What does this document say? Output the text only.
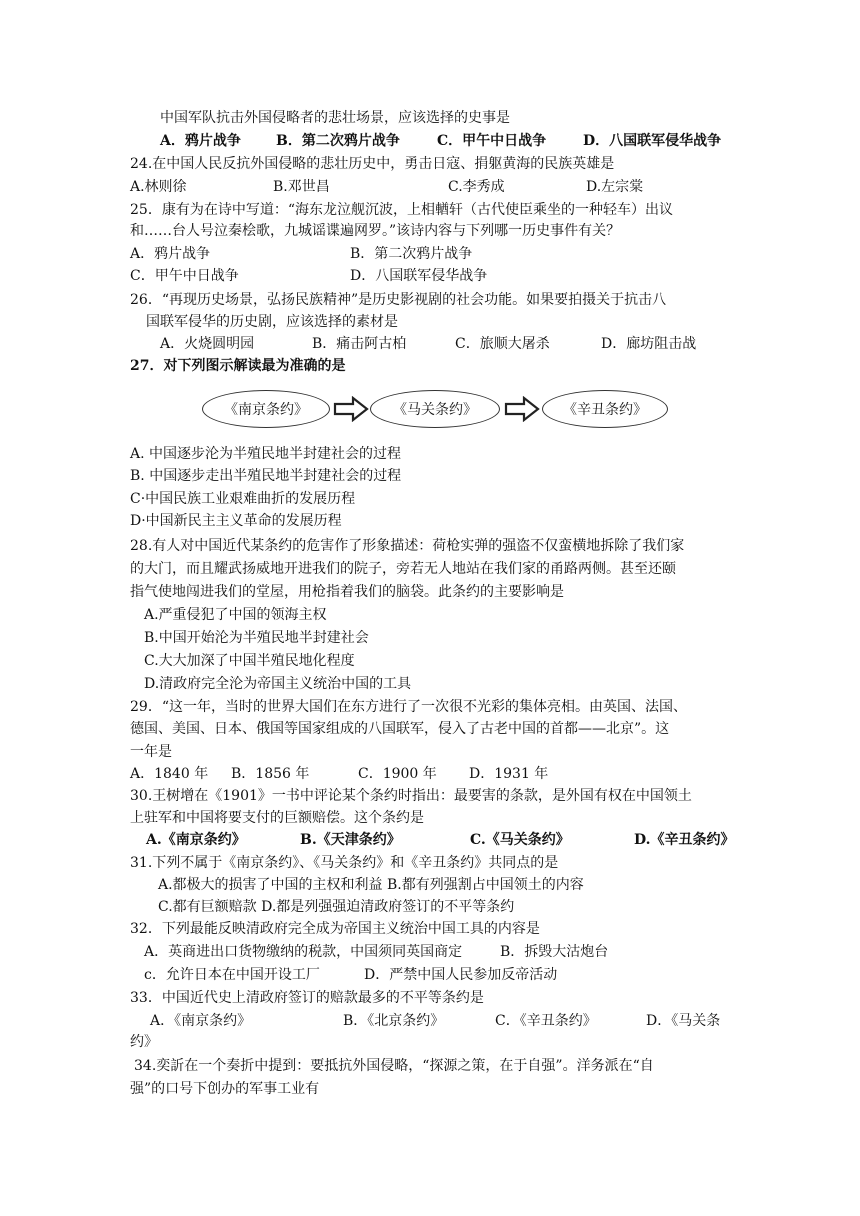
中国军队抗击外国侵略者的悲壮场景，应该选择的史事是
A．鸦片战争	B．第二次鸦片战争	C．甲午中日战争	D．八国联军侵华战争
24.在中国人民反抗外国侵略的悲壮历史中，勇击日寇、捐躯黄海的民族英雄是
A.林则徐	B.邓世昌	C.李秀成	D.左宗棠
25．康有为在诗中写道：“海东龙泣舰沉波，上相輶轩（古代使臣乘坐的一种轻车）出议
和……台人号泣秦桧歌，九城谣谍遍网罗。”该诗内容与下列哪一历史事件有关？
A．鸦片战争	B．第二次鸦片战争
C．甲午中日战争	D．八国联军侵华战争
26．“再现历史场景，弘扬民族精神”是历史影视剧的社会功能。如果要拍摄关于抗击八
国联军侵华的历史剧，应该选择的素材是
A．火烧圆明园	B．痛击阿古柏	C．旅顺大屠杀	D．廊坊阻击战
27．对下列图示解读最为准确的是
《南京条约》	《马关条约》	《辛丑条约》
A. 中国逐步沦为半殖民地半封建社会的过程
B. 中国逐步走出半殖民地半封建社会的过程
C·中国民族工业艰难曲折的发展历程
D·中国新民主主义革命的发展历程
28.有人对中国近代某条约的危害作了形象描述：荷枪实弹的强盗不仅蛮横地拆除了我们家
的大门，而且耀武扬威地开进我们的院子，旁若无人地站在我们家的甬路两侧。甚至还颐
指气使地闯进我们的堂屋，用枪指着我们的脑袋。此条约的主要影响是
A.严重侵犯了中国的领海主权
B.中国开始沦为半殖民地半封建社会
C.大大加深了中国半殖民地化程度
D.清政府完全沦为帝国主义统治中国的工具
29．“这一年，当时的世界大国们在东方进行了一次很不光彩的集体亮相。由英国、法国、
德国、美国、日本、俄国等国家组成的八国联军，侵入了古老中国的首都——北京”。这
一年是
A．1840 年 B．1856 年	C．1900 年 D．1931 年
30.王树增在《1901》一书中评论某个条约时指出：最要害的条款，是外国有权在中国领土
上驻军和中国将要支付的巨额赔偿。这个条约是
A.《南京条约》	B.《天津条约》	C.《马关条约》	D.《辛丑条约》
31.下列不属于《南京条约》、《马关条约》和《辛丑条约》共同点的是
A.都极大的损害了中国的主权和利益 B.都有列强割占中国领土的内容
C.都有巨额赔款 D.都是列强强迫清政府签订的不平等条约
32．下列最能反映清政府完全成为帝国主义统治中国工具的内容是
A．英商进出口货物缴纳的税款，中国须同英国商定	B．拆毁大沽炮台
c．允许日本在中国开设工厂	D．严禁中国人民参加反帝活动
33．中国近代史上清政府签订的赔款最多的不平等条约是
A．《南京条约》	B．《北京条约》	C．《辛丑条约》	D．《马关条
约》
34.奕訢在一个奏折中提到：要抵抗外国侵略，“探源之策，在于自强”。洋务派在“自
强”的口号下创办的军事工业有
